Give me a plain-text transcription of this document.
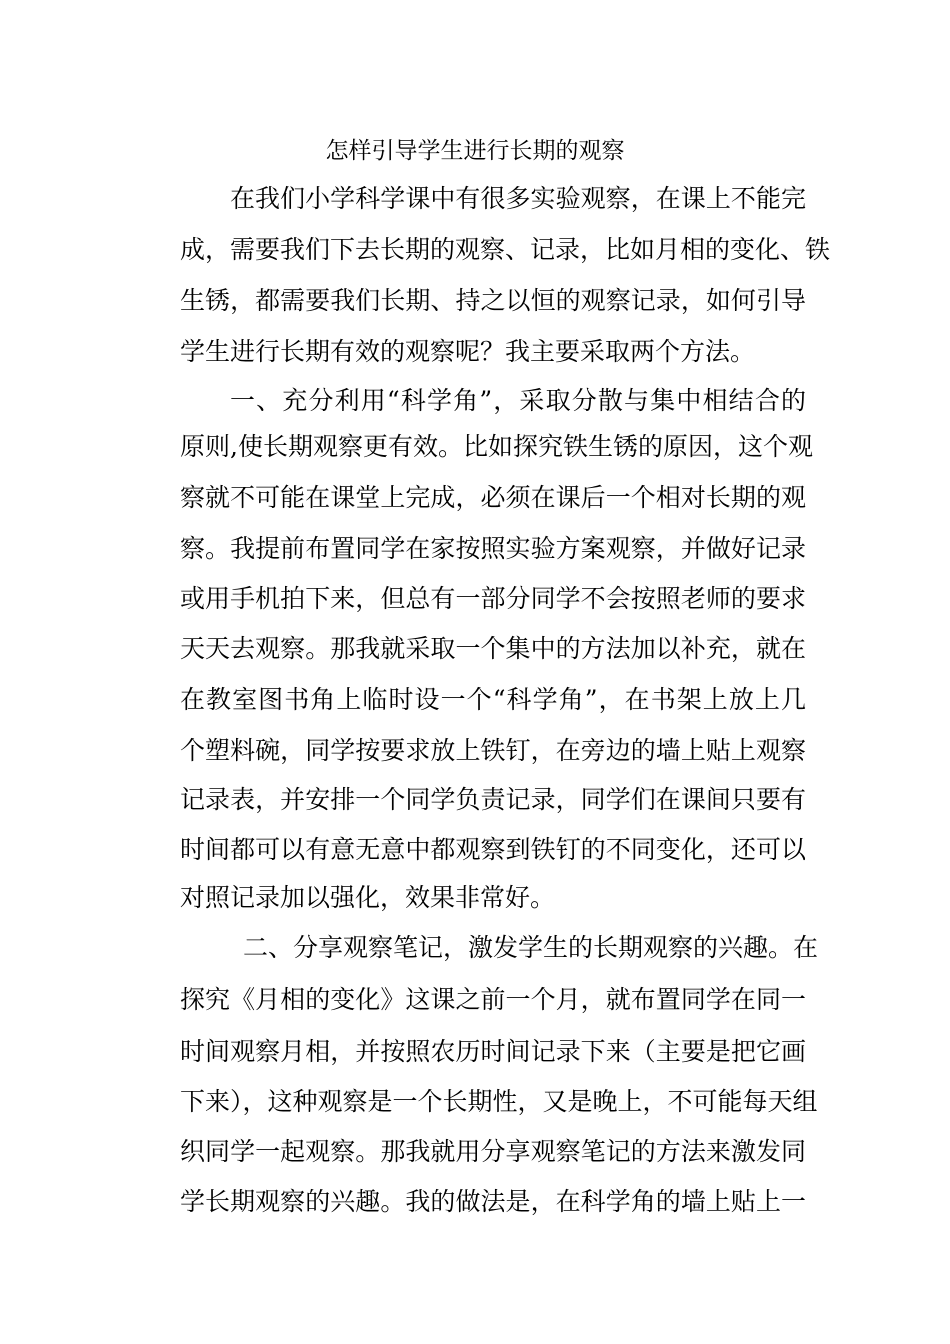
怎样引导学生进行长期的观察
在我们小学科学课中有很多实验观察，在课上不能完
成，需要我们下去长期的观察、记录，比如月相的变化、铁
生锈，都需要我们长期、持之以恒的观察记录，如何引导
学生进行长期有效的观察呢？我主要采取两个方法。
一、充分利用“科学角”，采取分散与集中相结合的
原则,使长期观察更有效。比如探究铁生锈的原因，这个观
察就不可能在课堂上完成，必须在课后一个相对长期的观
察。我提前布置同学在家按照实验方案观察，并做好记录
或用手机拍下来，但总有一部分同学不会按照老师的要求
天天去观察。那我就采取一个集中的方法加以补充，就在
在教室图书角上临时设一个“科学角”，在书架上放上几
个塑料碗，同学按要求放上铁钉，在旁边的墙上贴上观察
记录表，并安排一个同学负责记录，同学们在课间只要有
时间都可以有意无意中都观察到铁钉的不同变化，还可以
对照记录加以强化，效果非常好。
二、分享观察笔记，激发学生的长期观察的兴趣。在
探究《月相的变化》这课之前一个月，就布置同学在同一
时间观察月相，并按照农历时间记录下来（主要是把它画
下来），这种观察是一个长期性，又是晚上，不可能每天组
织同学一起观察。那我就用分享观察笔记的方法来激发同
学长期观察的兴趣。我的做法是，在科学角的墙上贴上一
